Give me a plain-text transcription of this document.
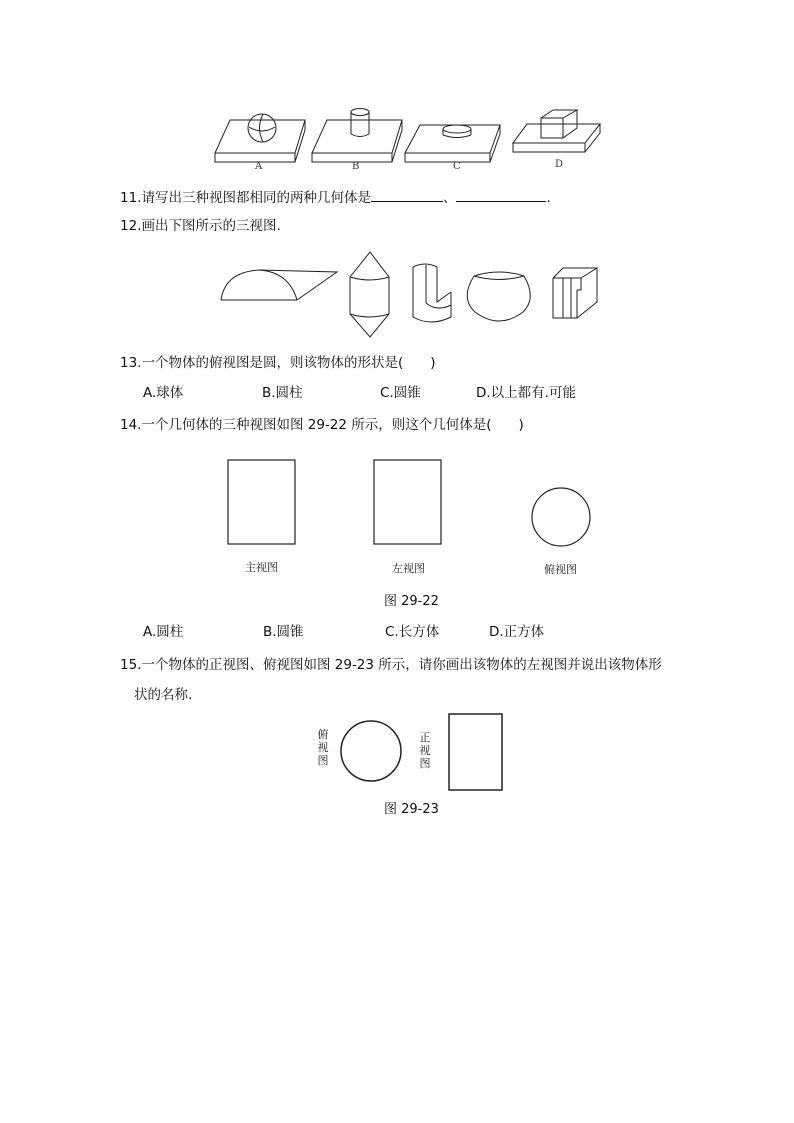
A	B	C	D
11.请写出三种视图都相同的两种几何体是	、	.
12.画出下图所示的三视图.
13.一个物体的俯视图是圆，则该物体的形状是(　　)
A.球体	B.圆柱	C.圆锥	D.以上都有.可能
14.一个几何体的三种视图如图 29-22 所示，则这个几何体是(　　)
主视图	左视图	俯视图
图 29-22
A.圆柱	B.圆锥	C.长方体	D.正方体
15.一个物体的正视图、俯视图如图 29-23 所示，请你画出该物体的左视图并说出该物体形
状的名称.
俯
视
图
正
视
图
图 29-23
